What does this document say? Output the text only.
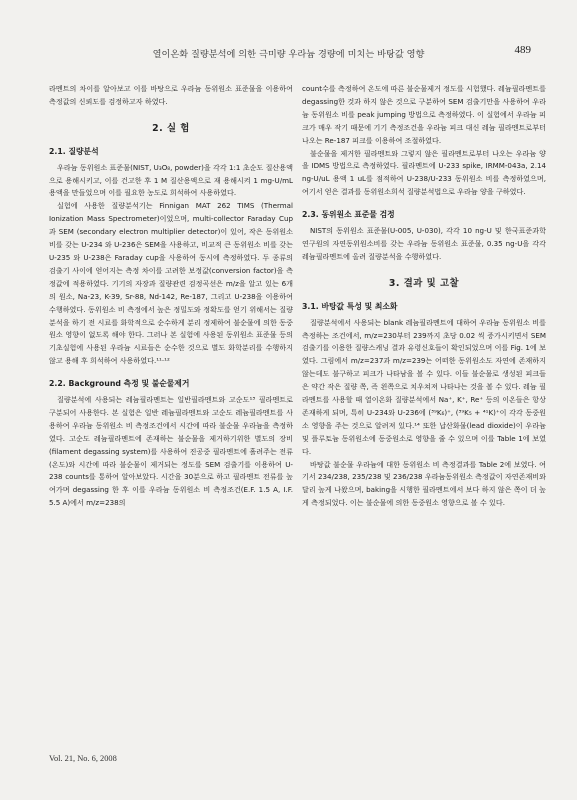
열이온화 질량분석에 의한 극미량 우라늄 경량에 미치는 바탕값 영향	489

라멘트의 차이를 알아보고 이를 바탕으로 우라늄 동위원소 표준물을 이용하여 측정값의 신뢰도를 검정하고자 하였다.

2. 실 험
2.1. 질량분석

우라늄 동위원소 표준물(NIST, U₃O₈, powder)을 각각 1:1 초순도 질산용액으로 용해시키고, 이를 건고한 후 1 M 질산용액으로 재 용해시켜 1 mg-U/mL 용액을 만들었으며 이를 필요한 농도로 희석하여 사용하였다.

실험에 사용한 질량분석기는 Finnigan MAT 262 TIMS (Thermal Ionization Mass Spectrometer)이었으며, multi-collector Faraday Cup과 SEM (secondary electron multiplier detector)이 있어, 작은 동위원소 비를 갖는 U-234 와 U-236은 SEM을 사용하고, 비교적 큰 동위원소 비를 갖는 U-235 와 U-238은 Faraday cup을 사용하여 동시에 측정하였다. 두 종류의 검출기 사이에 얻어지는 측정 차이를 고려한 보정값(conversion factor)을 측정값에 적용하였다. 기기의 자장과 질량관련 검정곡선은 m/z을 알고 있는 6개의 원소, Na-23, K-39, Sr-88, Nd-142, Re-187, 그리고 U-238을 이용하여 수행하였다. 동위원소 비 측정에서 높은 정밀도와 정확도를 얻기 위해서는 질량분석을 하기 전 시료를 화학적으로 순수하게 분리 정제하여 불순물에 의한 동중원소 영향이 없도록 해야 한다. 그러나 본 실험에 사용된 동위원소 표준물 등의 기초실험에 사용된 우라늄 시료들은 순수한 것으로 별도 화학분리를 수행하지 않고 용해 후 희석하여 사용하였다.¹¹·¹²

2.2. Background 측정 및 불순물제거

질량분석에 사용되는 레늄필라멘트는 일반필라멘트와 고순도¹³ 필라멘트로 구분되어 사용한다. 본 실험은 일반 레늄필라멘트와 고순도 레늄필라멘트를 사용하여 우라늄 동위원소 비 측정조건에서 시간에 따라 불순물 우라늄을 측정하였다. 고순도 레늄필라멘트에 존재하는 불순물을 제거하기위한 별도의 장비(filament degassing system)를 사용하여 진공중 필라멘트에 흘려주는 전류(온도)와 시간에 따라 불순물이 제거되는 정도를 SEM 검출기를 이용하여 U-238 counts를 통하여 알아보았다. 시간을 30분으로 하고 필라멘트 전류를 높여가며 degassing 한 후 이를 우라늄 동위원소 비 측정조건(E.F. 1.5 A, I.F. 5.5 A)에서 m/z=238의

count수를 측정하여 온도에 따른 불순물제거 정도를 시험했다. 레늄필라멘트를 degassing한 것과 하지 않은 것으로 구분하여 SEM 검출기만을 사용하여 우라늄 동위원소 비를 peak jumping 방법으로 측정하였다. 이 실험에서 우라늄 피크가 매우 작기 때문에 기기 측정조건을 우라늄 피크 대신 레늄 필라멘트로부터 나오는 Re-187 피크를 이용하여 조절하였다.

불순물을 제거한 필라멘트와 그렇지 않은 필라멘트로부터 나오는 우라늄 양을 IDMS 방법으로 측정하였다. 필라멘트에 U-233 spike, IRMM-043a, 2.14 ng-U/uL 용액 1 uL를 점적하여 U-238/U-233 동위원소 비를 측정하였으며, 여기서 얻은 결과를 동위원소희석 질량분석법으로 우라늄 양을 구하였다.

2.3. 동위원소 표준물 검정

NIST의 동위원소 표준물(U-005, U-030), 각각 10 ng-U 및 한국표준과학연구원의 자연동위원소비를 갖는 우라늄 동위원소 표준물, 0.35 ng-U을 각각 레늄필라멘트에 올려 질량분석을 수행하였다.

3. 결과 및 고찰
3.1. 바탕값 특성 및 최소화

질량분석에서 사용되는 blank 레늄필라멘트에 대하여 우라늄 동위원소 비를 측정하는 조건에서, m/z=230부터 239까지 초당 0.02 씩 증가시키면서 SEM 검출기를 이용한 질량스캐닝 결과 유령신호들이 확인되었으며 이를 Fig. 1에 보였다. 그림에서 m/z=237과 m/z=239는 어떠한 동위원소도 자연에 존재하지 않는데도 불구하고 피크가 나타남을 볼 수 있다. 이들 불순물로 생성된 피크들은 약간 작은 질량 쪽, 즉 왼쪽으로 치우쳐져 나타나는 것을 볼 수 있다. 레늄 필라멘트를 사용할 때 열이온화 질량분석에서 Na⁺, K⁺, Re⁺ 등의 이온들은 항상 존재하게 되며, 특히 U-234와 U-236에 (³⁹K₆)⁺, (³⁹K₅ + ⁴¹K)⁺이 각각 동중원소 영향을 주는 것으로 알려져 있다.¹⁴ 또한 납산화물(lead dioxide)이 우라늄 및 플루토늄 동위원소에 동중원소로 영향을 줄 수 있으며 이를 Table 1에 보였다.

바탕값 불순물 우라늄에 대한 동위원소 비 측정결과를 Table 2에 보였다. 여기서 234/238, 235/238 및 236/238 우라늄동위원소 측정값이 자연존재비와 달리 높게 나왔으며, baking을 시행한 필라멘트에서 보다 하지 않은 쪽이 더 높게 측정되었다. 이는 불순물에 의한 동중원소 영향으로 볼 수 있다.

Vol. 21, No. 6, 2008
